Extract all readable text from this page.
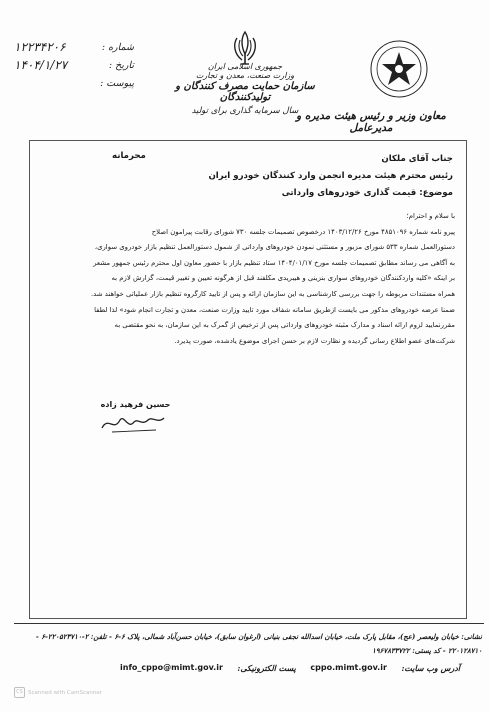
۱۲۲۳۴۲۰۶	شماره :
۱۴۰۴/۱/۲۷	تاریخ :
پیوست :
جمهوری اسلامی ایران
وزارت صنعت، معدن و تجارت
سازمان حمایت مصرف کنندگان و تولیدکنندگان
سال سرمایه گذاری برای تولید
معاون وزیر و رئیس هیئت مدیره و مدیرعامل
جناب آقای ملکان
رئیس محترم هیئت مدیره انجمن وارد کنندگان خودرو ایران
موضوع: قیمت گذاری خودروهای وارداتی
محرمانه

با سلام و احترام؛

پیرو نامه شماره ۴۸۵۱۰۹۶ مورخ ۱۴۰۳/۱۲/۲۶ درخصوص تصمیمات جلسه ۷۳۰ شورای رقابت پیرامون اصلاح

دستورالعمل شماره ۵۳۳ شورای مزبور و مستثنی نمودن خودروهای وارداتی از شمول دستورالعمل تنظیم بازار خودروی سواری،

به آگاهی می رساند مطابق تصمیمات جلسه مورخ ۱۴۰۴/۰۱/۱۷ ستاد تنظیم بازار با حضور معاون اول محترم رئیس جمهور مشعر

بر اینکه «کلیه واردکنندگان خودروهای سواری بنزینی و هیبریدی مکلفند قبل از هرگونه تعیین و تغییر قیمت، گزارش لازم به

همراه مستندات مربوطه را جهت بررسی کارشناسی به این سازمان ارائه و پس از تایید کارگروه تنظیم بازار عملیاتی خواهند شد.

ضمنا عرضه خودروهای مذکور می بایست ازطریق سامانه شفاف مورد تایید وزارت صنعت، معدن و تجارت انجام شود» لذا لطفا

مقررنمایید لزوم ارائه اسناد و مدارک مثبته خودروهای وارداتی پس از ترخیص از گمرک به این سازمان، به نحو مقتضی به

شرکت‌های عضو اطلاع رسانی گردیده و نظارت لازم بر حسن اجرای موضوع یادشده، صورت پذیرد.

حسین فرهید زاده
نشانی: خیابان ولیعصر (عج)، مقابل پارک ملت، خیابان اسدالله نجفی بنیانی (ارغوان سابق)، خیابان حسن‌آباد شمالی، پلاک ۶-۶ - تلفن: ۲-۲۲۰۵۲۳۷۱۰-۶ - ۲۲۰۱۲۸۷۱۰ - کد پستی: ۱۹۶۷۸۳۳۷۲۲
info_cppo@mimt.gov.ir پست الکترونیکی: cppo.mimt.gov.ir آدرس وب سایت:
CS Scanned with CamScanner
